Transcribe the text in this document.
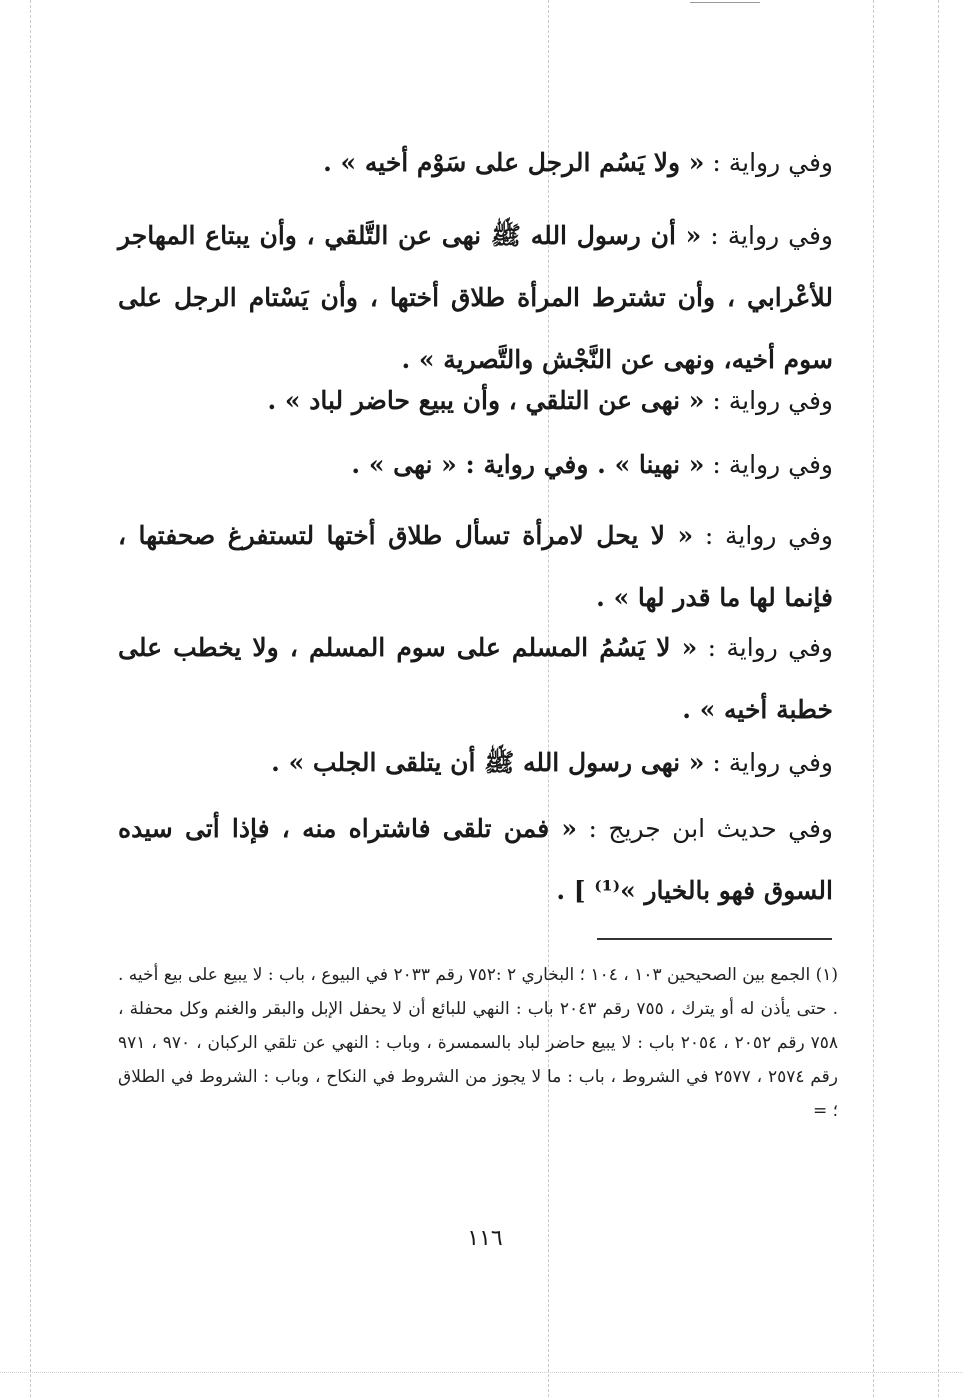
وفي رواية : « ولا يَسُم الرجل على سَوْم أخيه » .

وفي رواية : « أن رسول الله ﷺ نهى عن التَّلقي ، وأن يبتاع المهاجر للأعْرابي ، وأن تشترط المرأة طلاق أختها ، وأن يَسْتام الرجل على سوم أخيه، ونهى عن النَّجْش والتَّصرية » .

وفي رواية : « نهى عن التلقي ، وأن يبيع حاضر لباد » .

وفي رواية : « نهينا » . وفي رواية : « نهى » .

وفي رواية : « لا يحل لامرأة تسأل طلاق أختها لتستفرغ صحفتها ، فإنما لها ما قدر لها » .

وفي رواية : « لا يَسُمُ المسلم على سوم المسلم ، ولا يخطب على خطبة أخيه » .

وفي رواية : « نهى رسول الله ﷺ أن يتلقى الجلب » .

وفي حديث ابن جريج : « فمن تلقى فاشتراه منه ، فإذا أتى سيده السوق فهو بالخيار »⁽¹⁾ ] .

(١) الجمع بين الصحيحين ١٠٣ ، ١٠٤ ؛ البخاري ٢ :٧٥٢ رقم ٢٠٣٣ في البيوع ، باب : لا يبيع على بيع أخيه . . حتى يأذن له أو يترك ، ٧٥٥ رقم ٢٠٤٣ باب : النهي للبائع أن لا يحفل الإبل والبقر والغنم وكل محفلة ، ٧٥٨ رقم ٢٠٥٢ ، ٢٠٥٤ باب : لا يبيع حاضر لباد بالسمسرة ، وباب : النهي عن تلقي الركبان ، ٩٧٠ ، ٩٧١ رقم ٢٥٧٤ ، ٢٥٧٧ في الشروط ، باب : ما لا يجوز من الشروط في النكاح ، وباب : الشروط في الطلاق ؛ =

١١٦
